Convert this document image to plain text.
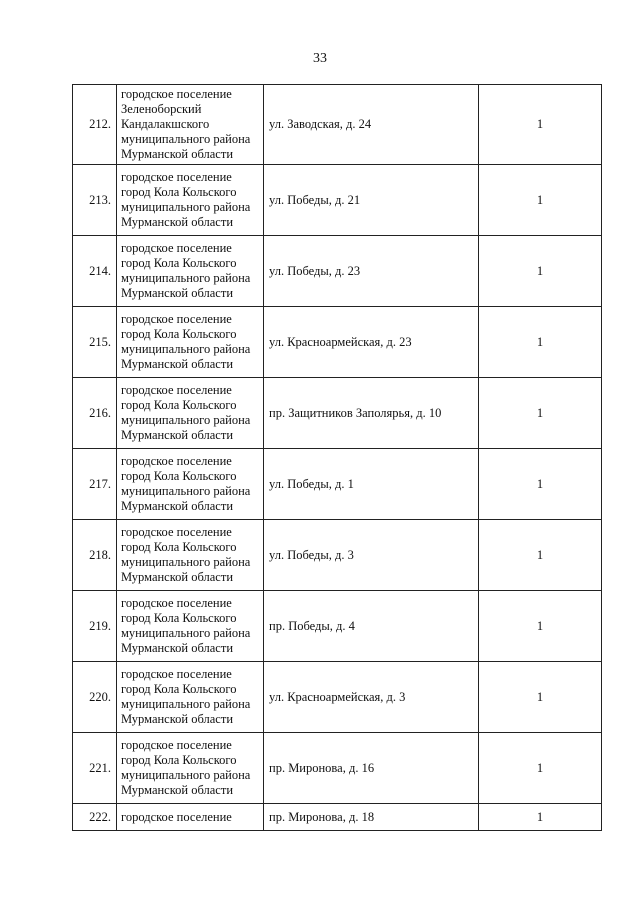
33
212.	городское поселение
Зеленоборский
Кандалакшского
муниципального района
Мурманской области	ул. Заводская, д. 24	1
213.	городское поселение
город Кола Кольского
муниципального района
Мурманской области	ул. Победы, д. 21	1
214.	городское поселение
город Кола Кольского
муниципального района
Мурманской области	ул. Победы, д. 23	1
215.	городское поселение
город Кола Кольского
муниципального района
Мурманской области	ул. Красноармейская, д. 23	1
216.	городское поселение
город Кола Кольского
муниципального района
Мурманской области	пр. Защитников Заполярья, д. 10	1
217.	городское поселение
город Кола Кольского
муниципального района
Мурманской области	ул. Победы, д. 1	1
218.	городское поселение
город Кола Кольского
муниципального района
Мурманской области	ул. Победы, д. 3	1
219.	городское поселение
город Кола Кольского
муниципального района
Мурманской области	пр. Победы, д. 4	1
220.	городское поселение
город Кола Кольского
муниципального района
Мурманской области	ул. Красноармейская, д. 3	1
221.	городское поселение
город Кола Кольского
муниципального района
Мурманской области	пр. Миронова, д. 16	1
222.	городское поселение	пр. Миронова, д. 18	1
